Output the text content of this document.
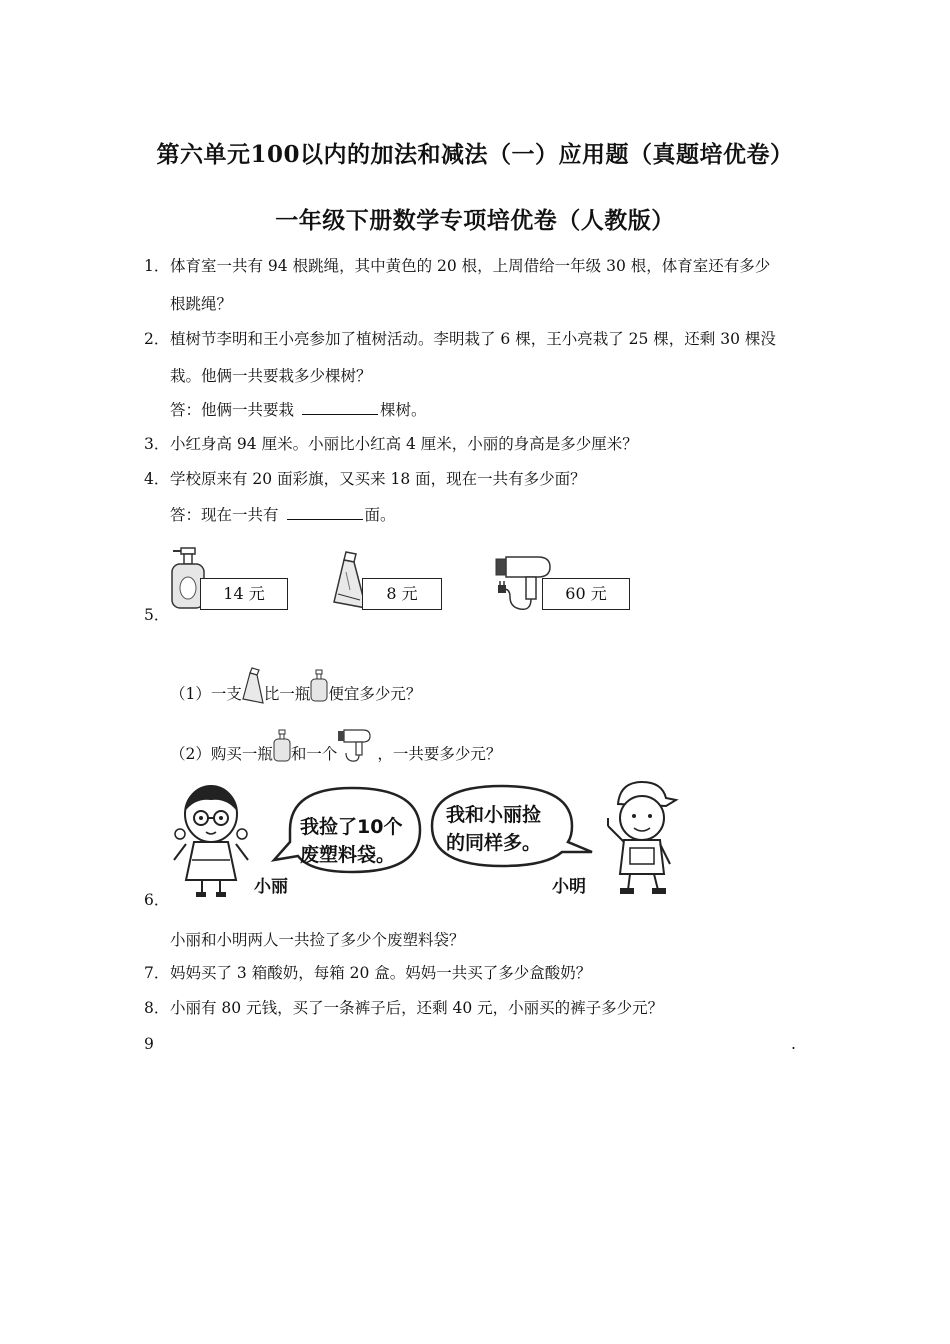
第六单元100以内的加法和减法（一）应用题（真题培优卷）
一年级下册数学专项培优卷（人教版）
1． 体育室一共有 94 根跳绳，其中黄色的 20 根，上周借给一年级 30 根，体育室还有多少
根跳绳？
2． 植树节李明和王小亮参加了植树活动。李明栽了 6 棵，王小亮栽了 25 棵，还剩 30 棵没
栽。他俩一共要栽多少棵树？
答：他俩一共要栽	棵树。
3． 小红身高 94 厘米。小丽比小红高 4 厘米，小丽的身高是多少厘米？
4． 学校原来有 20 面彩旗，又买来 18 面，现在一共有多少面？
答：现在一共有	面。
5．
14 元	8 元	60 元
（1）一支 比一瓶 便宜多少元？
（2）购买一瓶 和一个	，一共要多少元？
6．
小丽
我捡了10个
废塑料袋。
我和小丽捡
的同样多。
小明
小丽和小明两人一共捡了多少个废塑料袋？
7． 妈妈买了 3 箱酸奶，每箱 20 盒。妈妈一共买了多少盒酸奶？
8． 小丽有 80 元钱，买了一条裤子后，还剩 40 元，小丽买的裤子多少元？
9	.
